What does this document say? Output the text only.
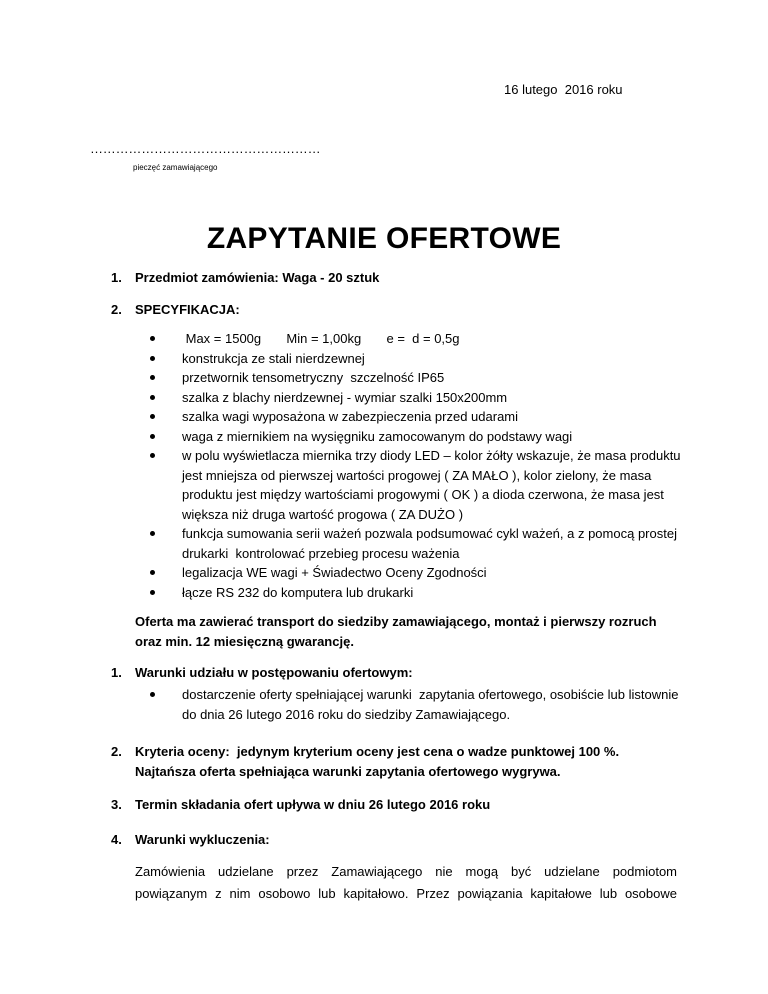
16 lutego  2016 roku
………………………………………………
pieczęć zamawiającego
ZAPYTANIE OFERTOWE
1. Przedmiot zamówienia: Waga - 20 sztuk
2. SPECYFIKACJA:
Max = 1500g       Min = 1,00kg       e =  d = 0,5g
konstrukcja ze stali nierdzewnej
przetwornik tensometryczny  szczelność IP65
szalka z blachy nierdzewnej - wymiar szalki 150x200mm
szalka wagi wyposażona w zabezpieczenia przed udarami
waga z miernikiem na wysięgniku zamocowanym do podstawy wagi
w polu wyświetlacza miernika trzy diody LED – kolor żółty wskazuje, że masa produktu jest mniejsza od pierwszej wartości progowej ( ZA MAŁO ), kolor zielony, że masa produktu jest między wartościami progowymi ( OK ) a dioda czerwona, że masa jest większa niż druga wartość progowa ( ZA DUŻO )
funkcja sumowania serii ważeń pozwala podsumować cykl ważeń, a z pomocą prostej drukarki  kontrolować przebieg procesu ważenia
legalizacja WE wagi + Świadectwo Oceny Zgodności
łącze RS 232 do komputera lub drukarki
Oferta ma zawierać transport do siedziby zamawiającego, montaż i pierwszy rozruch oraz min. 12 miesięczną gwarancję.
1.	Warunki udziału w postępowaniu ofertowym:
dostarczenie oferty spełniającej warunki  zapytania ofertowego, osobiście lub listownie do dnia 26 lutego 2016 roku do siedziby Zamawiającego.
2.	Kryteria oceny:  jedynym kryterium oceny jest cena o wadze punktowej 100 %. Najtańsza oferta spełniająca warunki zapytania ofertowego wygrywa.
3.	Termin składania ofert upływa w dniu 26 lutego 2016 roku
4.	Warunki wykluczenia:
Zamówienia udzielane przez Zamawiającego nie mogą być udzielane podmiotom powiązanym z nim osobowo lub kapitałowo. Przez powiązania kapitałowe lub osobowe
